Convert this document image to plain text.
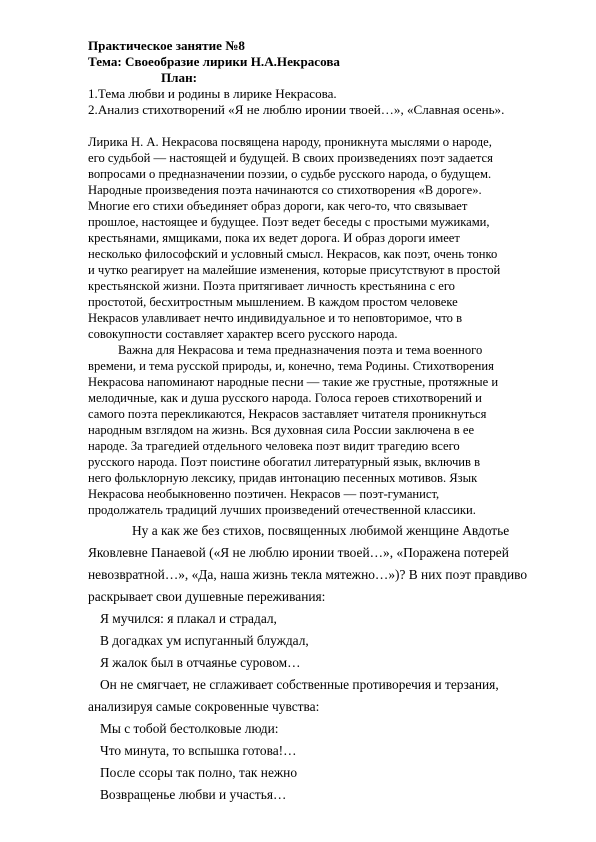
Практическое занятие №8
Тема: Своеобразие лирики Н.А.Некрасова
План:
1.Тема любви и родины в лирике Некрасова.
2.Анализ стихотворений «Я не люблю иронии твоей…», «Славная осень».
Лирика Н. А. Некрасова посвящена народу, проникнута мыслями о народе,
его судьбой — настоящей и будущей. В своих произведениях поэт задается
вопросами о предназначении поэзии, о судьбе русского народа, о будущем.
Народные произведения поэта начинаются со стихотворения «В дороге».
Многие его стихи объединяет образ дороги, как чего-то, что связывает
прошлое, настоящее и будущее. Поэт ведет беседы с простыми мужиками,
крестьянами, ямщиками, пока их ведет дорога. И образ дороги имеет
несколько философский и условный смысл. Некрасов, как поэт, очень тонко
и чутко реагирует на малейшие изменения, которые присутствуют в простой
крестьянской жизни. Поэта притягивает личность крестьянина с его
простотой, бесхитростным мышлением. В каждом простом человеке
Некрасов улавливает нечто индивидуальное и то неповторимое, что в
совокупности составляет характер всего русского народа.
Важна для Некрасова и тема предназначения поэта и тема военного
времени, и тема русской природы, и, конечно, тема Родины. Стихотворения
Некрасова напоминают народные песни — такие же грустные, протяжные и
мелодичные, как и душа русского народа. Голоса героев стихотворений и
самого поэта перекликаются, Некрасов заставляет читателя проникнуться
народным взглядом на жизнь. Вся духовная сила России заключена в ее
народе. За трагедией отдельного человека поэт видит трагедию всего
русского народа. Поэт поистине обогатил литературный язык, включив в
него фольклорную лексику, придав интонацию песенных мотивов. Язык
Некрасова необыкновенно поэтичен. Некрасов — поэт-гуманист,
продолжатель традиций лучших произведений отечественной классики.
Ну а как же без стихов, посвященных любимой женщине Авдотье
Яковлевне Панаевой («Я не люблю иронии твоей…», «Поражена потерей
невозвратной…», «Да, наша жизнь текла мятежно…»)? В них поэт правдиво
раскрывает свои душевные переживания:
Я мучился: я плакал и страдал,
В догадках ум испуганный блуждал,
Я жалок был в отчаянье суровом…
Он не смягчает, не сглаживает собственные противоречия и терзания,
анализируя самые сокровенные чувства:
Мы с тобой бестолковые люди:
Что минута, то вспышка готова!…
После ссоры так полно, так нежно
Возвращенье любви и участья…
